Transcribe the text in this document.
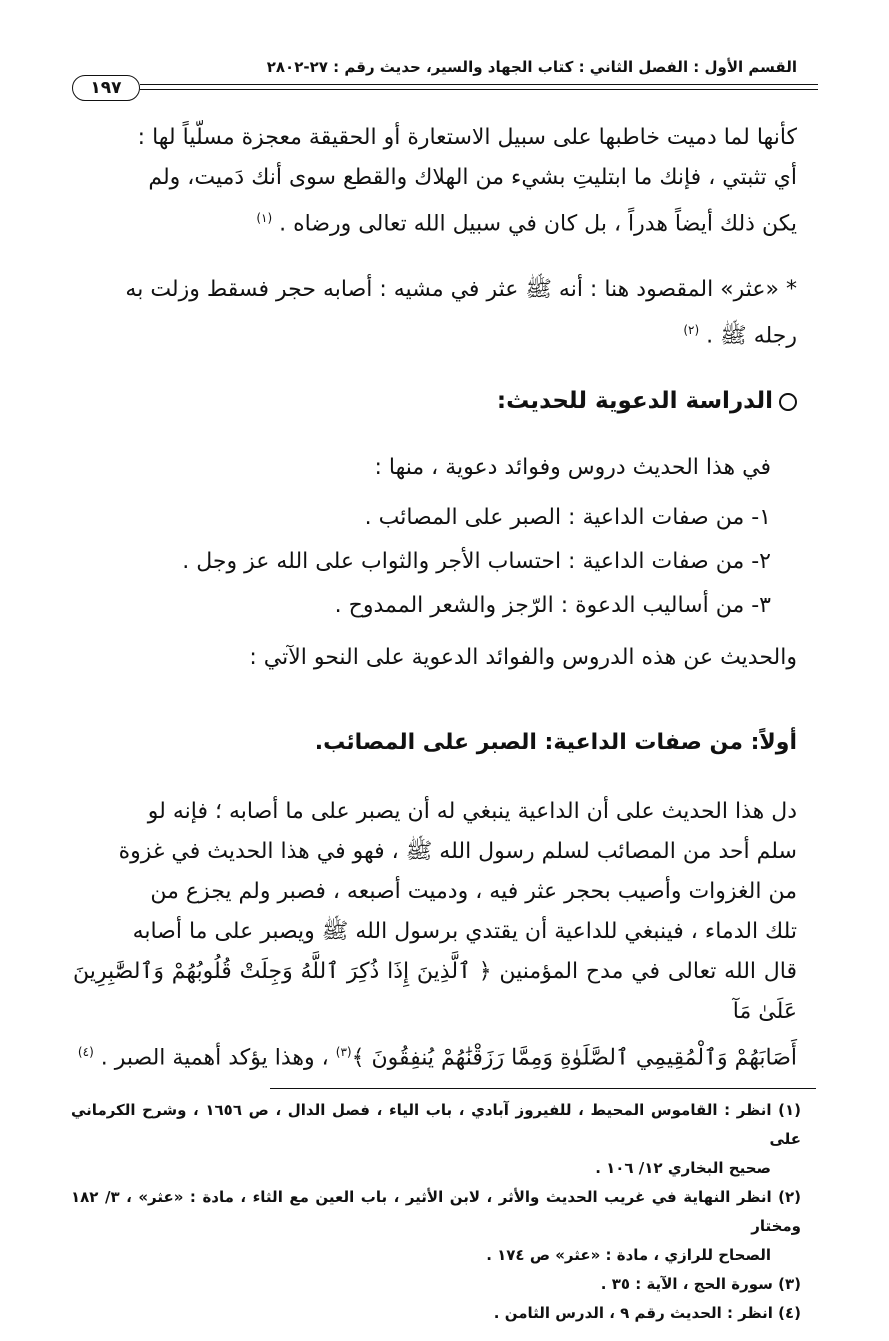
القسم الأول : الفصل الثاني : كتاب الجهاد والسير، حديث رقم : ٢٧-٢٨٠٢
١٩٧

كأنها لما دميت خاطبها على سبيل الاستعارة أو الحقيقة معجزة مسلّياً لها :

أي تثبتي ، فإنك ما ابتليتِ بشيء من الهلاك والقطع سوى أنك دَميت، ولم

يكن ذلك أيضاً هدراً ، بل كان في سبيل الله تعالى ورضاه . $^{(١)}$

* «عثر» المقصود هنا : أنه ﷺ عثر في مشيه : أصابه حجر فسقط وزلت به

رجله ﷺ . $^{(٢)}$

الدراسة الدعوية للحديث:

في هذا الحديث دروس وفوائد دعوية ، منها :

١- من صفات الداعية : الصبر على المصائب .

٢- من صفات الداعية : احتساب الأجر والثواب على الله عز وجل .

٣- من أساليب الدعوة : الرّجز والشعر الممدوح .

والحديث عن هذه الدروس والفوائد الدعوية على النحو الآتي :

أولاً: من صفات الداعية: الصبر على المصائب.

دل هذا الحديث على أن الداعية ينبغي له أن يصبر على ما أصابه ؛ فإنه لو

سلم أحد من المصائب لسلم رسول الله ﷺ ، فهو في هذا الحديث في غزوة

من الغزوات وأصيب بحجر عثر فيه ، ودميت أصبعه ، فصبر ولم يجزع من

تلك الدماء ، فينبغي للداعية أن يقتدي برسول الله ﷺ ويصبر على ما أصابه

قال الله تعالى في مدح المؤمنين ﴿ ٱلَّذِينَ إِذَا ذُكِرَ ٱللَّهُ وَجِلَتْ قُلُوبُهُمْ وَٱلصَّٰبِرِينَ عَلَىٰ مَآ

أَصَابَهُمْ وَٱلْمُقِيمِي ٱلصَّلَوٰةِ وَمِمَّا رَزَقْنَٰهُمْ يُنفِقُونَ ﴾$^{(٣)}$ ، وهذا يؤكد أهمية الصبر . $^{(٤)}$

(١) انظر : القاموس المحيط ، للفيروز آبادي ، باب الياء ، فصل الدال ، ص ١٦٥٦ ، وشرح الكرماني على

صحيح البخاري ١٢/ ١٠٦ .

(٢) انظر النهاية في غريب الحديث والأثر ، لابن الأثير ، باب العين مع الثاء ، مادة : «عثر» ، ٣/ ١٨٢ ومختار

الصحاح للرازي ، مادة : «عثر» ص ١٧٤ .

(٣) سورة الحج ، الآية : ٣٥ .

(٤) انظر : الحديث رقم ٩ ، الدرس الثامن .
